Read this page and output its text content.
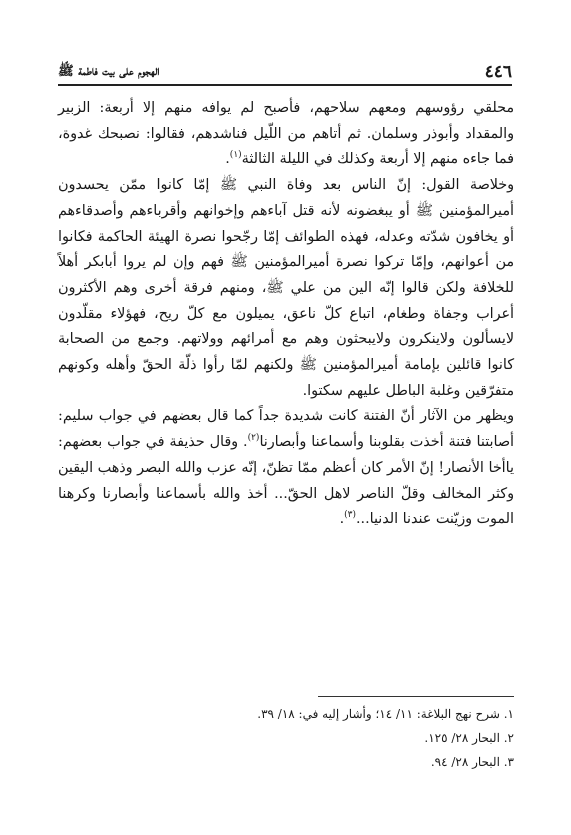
٤٤٦
الهجوم على بيت فاطمة ﷺ

محلقي رؤوسهم ومعهم سلاحهم، فأصبح لم يوافه منهم إلا أربعة: الزبير والمقداد وأبوذر وسلمان. ثم أتاهم من اللّيل فناشدهم، فقالوا: نصبحك غدوة، فما جاءه منهم إلا أربعة وكذلك في الليلة الثالثة$^{(١)}$.

وخلاصة القول: إنّ الناس بعد وفاة النبي ﷺ إمّا كانوا ممّن يحسدون أميرالمؤمنين ﷺ أو يبغضونه لأنه قتل آباءهم وإخوانهم وأقرباءهم وأصدقاءهم أو يخافون شدّته وعدله، فهذه الطوائف إمّا رجّحوا نصرة الهيئة الحاكمة فكانوا من أعوانهم، وإمّا تركوا نصرة أميرالمؤمنين ﷺ فهم وإن لم يروا أبابكر أهلاً للخلافة ولكن قالوا إنّه الين من علي ﷺ، ومنهم فرقة أخرى وهم الأكثرون أعراب وجفاة وطغام، اتباع كلّ ناعق، يميلون مع كلّ ريح، فهؤلاء مقلّدون لايسألون ولاينكرون ولايبحثون وهم مع أمرائهم وولاتهم. وجمع من الصحابة كانوا قائلين بإمامة أميرالمؤمنين ﷺ ولكنهم لمّا رأوا ذلّة الحقّ وأهله وكونهم متفرّقين وغلبة الباطل عليهم سكتوا.

ويظهر من الآثار أنّ الفتنة كانت شديدة جداً كما قال بعضهم في جواب سليم: أصابتنا فتنة أخذت بقلوبنا وأسماعنا وأبصارنا$^{(٢)}$. وقال حذيفة في جواب بعضهم: ياأخا الأنصار! إنّ الأمر كان أعظم ممّا تظنّ، إنّه عزب والله البصر وذهب اليقين وكثر المخالف وقلّ الناصر لاهل الحقّ... أخذ والله بأسماعنا وأبصارنا وكرهنا الموت وزيّنت عندنا الدنيا...$^{(٣)}$.

١. شرح نهج البلاغة: ١١/ ١٤؛ وأشار إليه في: ١٨/ ٣٩.

٢. البحار ٢٨/ ١٢٥.

٣. البحار ٢٨/ ٩٤.
